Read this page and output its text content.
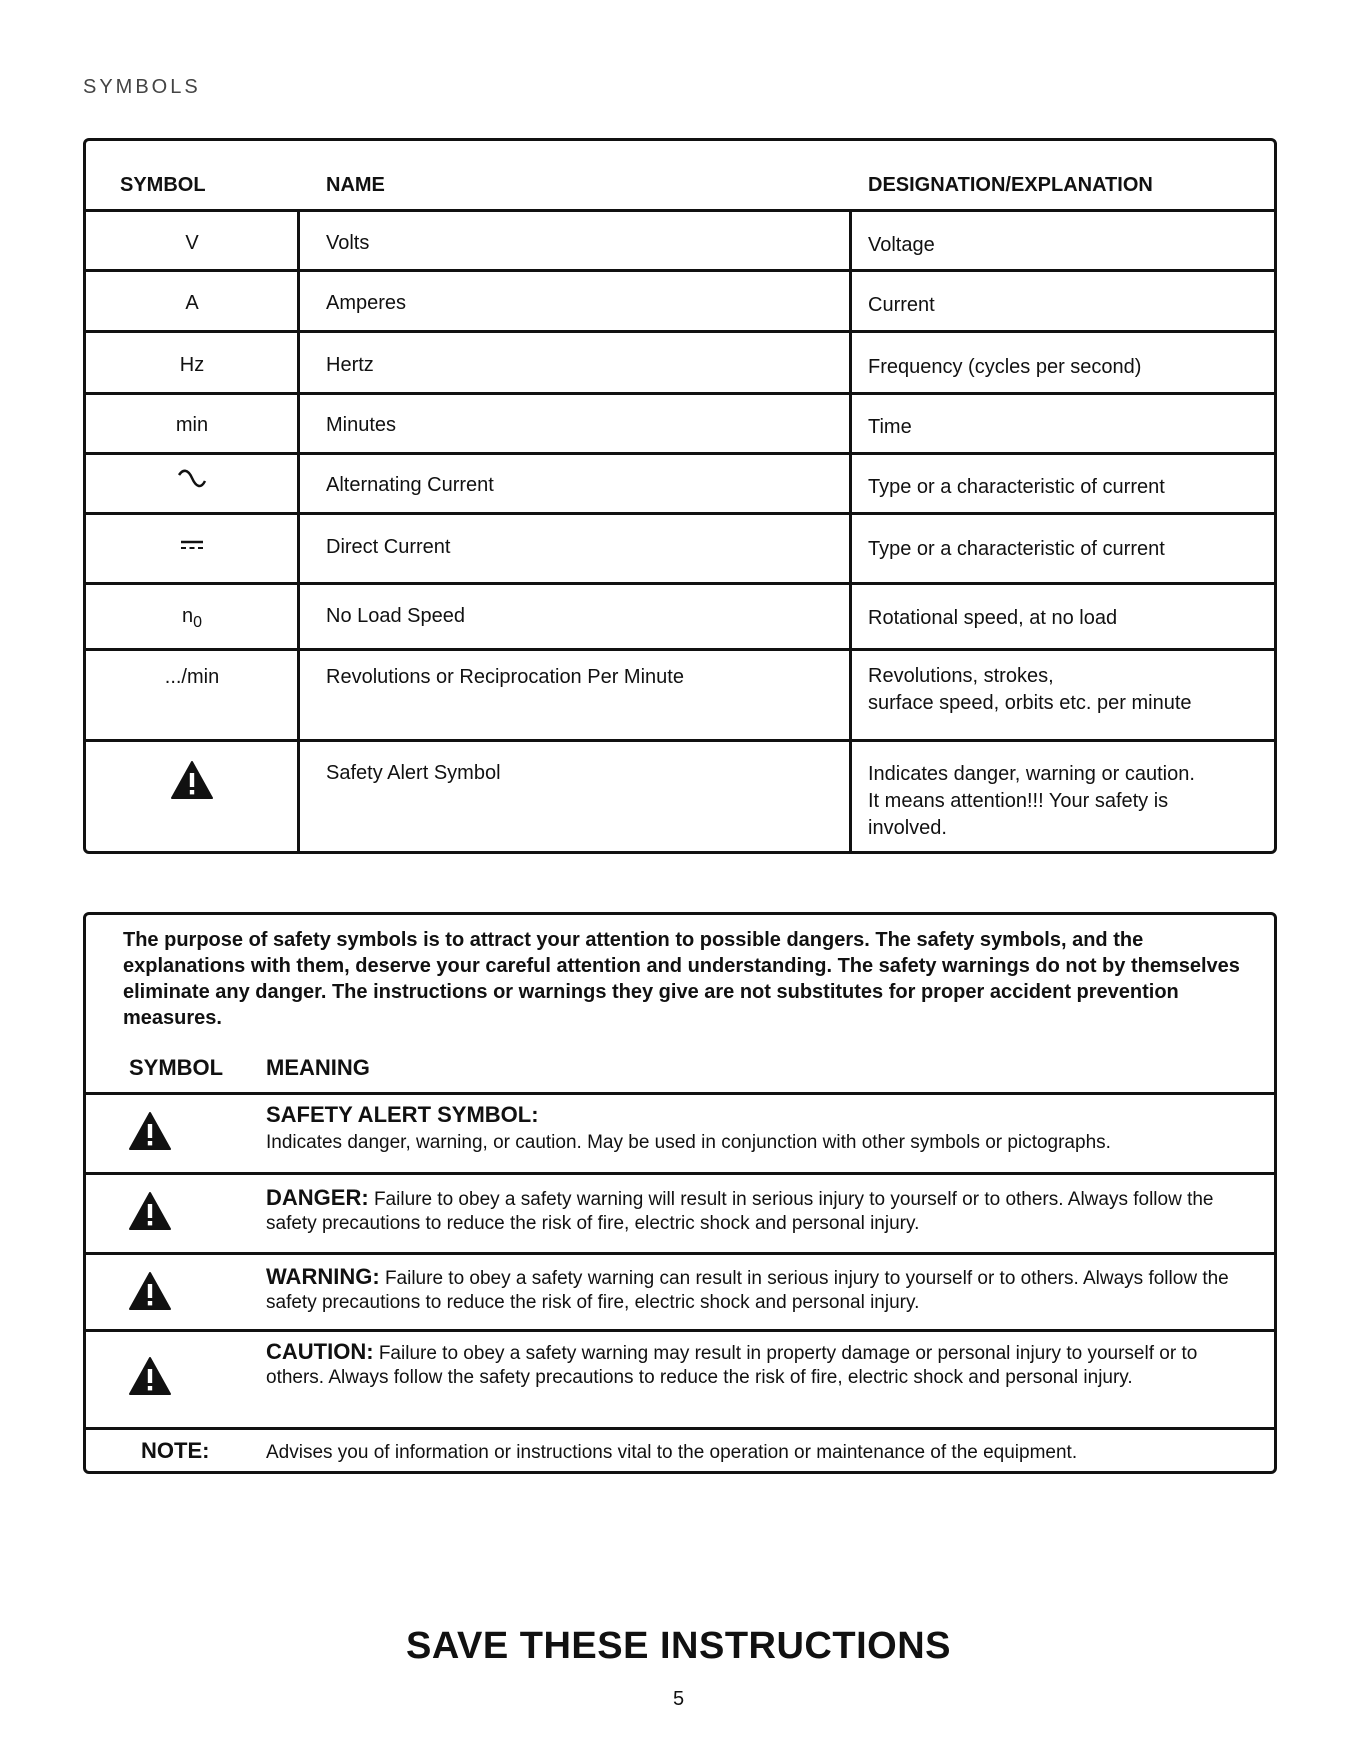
SYMBOLS
SYMBOL	NAME	DESIGNATION/EXPLANATION
V	Volts	Voltage
A	Amperes	Current
Hz	Hertz	Frequency (cycles per second)
min	Minutes	Time
Alternating Current	Type or a characteristic of current
Direct Current	Type or a characteristic of current
$n_0$	No Load Speed	Rotational speed, at no load
.../min	Revolutions or Reciprocation Per Minute	Revolutions, strokes,
surface speed, orbits etc. per minute
Safety Alert Symbol	Indicates danger, warning or caution.
It means attention!!! Your safety is
involved.
The purpose of safety symbols is to attract your attention to possible dangers. The safety symbols, and the explanations with them, deserve your careful attention and understanding. The safety warnings do not by themselves eliminate any danger. The instructions or warnings they give are not substitutes for proper accident prevention measures.
SYMBOL MEANING
SAFETY ALERT SYMBOL:
Indicates danger, warning, or caution. May be used in conjunction with other symbols or pictographs.
DANGER: Failure to obey a safety warning will result in serious injury to yourself or to others. Always follow the safety precautions to reduce the risk of fire, electric shock and personal injury.
WARNING: Failure to obey a safety warning can result in serious injury to yourself or to others. Always follow the safety precautions to reduce the risk of fire, electric shock and personal injury.
CAUTION: Failure to obey a safety warning may result in property damage or personal injury to yourself or to others. Always follow the safety precautions to reduce the risk of fire, electric shock and personal injury.
NOTE:	Advises you of information or instructions vital to the operation or maintenance of the equipment.
SAVE THESE INSTRUCTIONS
5
